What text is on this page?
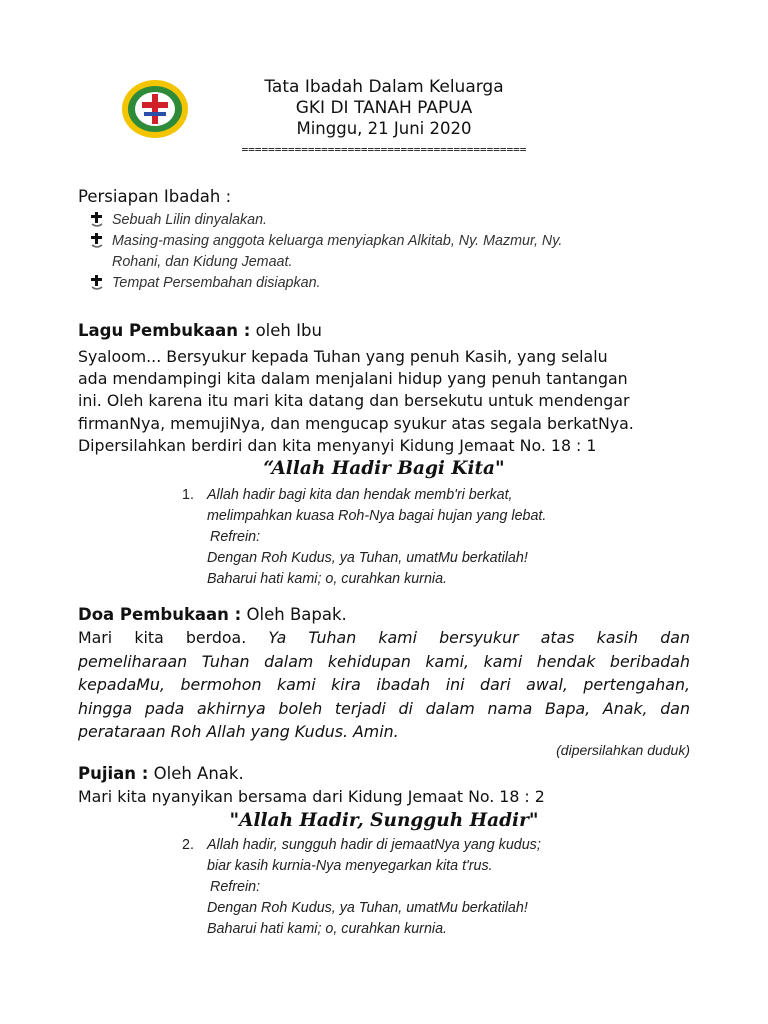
Tata Ibadah Dalam Keluarga
GKI DI TANAH PAPUA
Minggu, 21 Juni 2020
===========================================
Persiapan Ibadah :
Sebuah Lilin dinyalakan.
Masing-masing anggota keluarga menyiapkan Alkitab, Ny. Mazmur, Ny.
Rohani, dan Kidung Jemaat.
Tempat Persembahan disiapkan.
Lagu Pembukaan : oleh Ibu
Syaloom... Bersyukur kepada Tuhan yang penuh Kasih, yang selalu
ada mendampingi kita dalam menjalani hidup yang penuh tantangan
ini. Oleh karena itu mari kita datang dan bersekutu untuk mendengar
firmanNya, memujiNya, dan mengucap syukur atas segala berkatNya.
Dipersilahkan berdiri dan kita menyanyi Kidung Jemaat No. 18 : 1
“Allah Hadir Bagi Kita"
1. Allah hadir bagi kita dan hendak memb'ri berkat,
melimpahkan kuasa Roh-Nya bagai hujan yang lebat.
Refrein:
Dengan Roh Kudus, ya Tuhan, umatMu berkatilah!
Baharui hati kami; o, curahkan kurnia.
Doa Pembukaan : Oleh Bapak.
Mari kita berdoa. Ya Tuhan kami bersyukur atas kasih dan
pemeliharaan Tuhan dalam kehidupan kami, kami hendak beribadah
kepadaMu, bermohon kami kira ibadah ini dari awal, pertengahan,
hingga pada akhirnya boleh terjadi di dalam nama Bapa, Anak, dan
perataraan Roh Allah yang Kudus. Amin.
(dipersilahkan duduk)
Pujian : Oleh Anak.
Mari kita nyanyikan bersama dari Kidung Jemaat No. 18 : 2
"Allah Hadir, Sungguh Hadir"
2. Allah hadir, sungguh hadir di jemaatNya yang kudus;
biar kasih kurnia-Nya menyegarkan kita t'rus.
Refrein:
Dengan Roh Kudus, ya Tuhan, umatMu berkatilah!
Baharui hati kami; o, curahkan kurnia.
